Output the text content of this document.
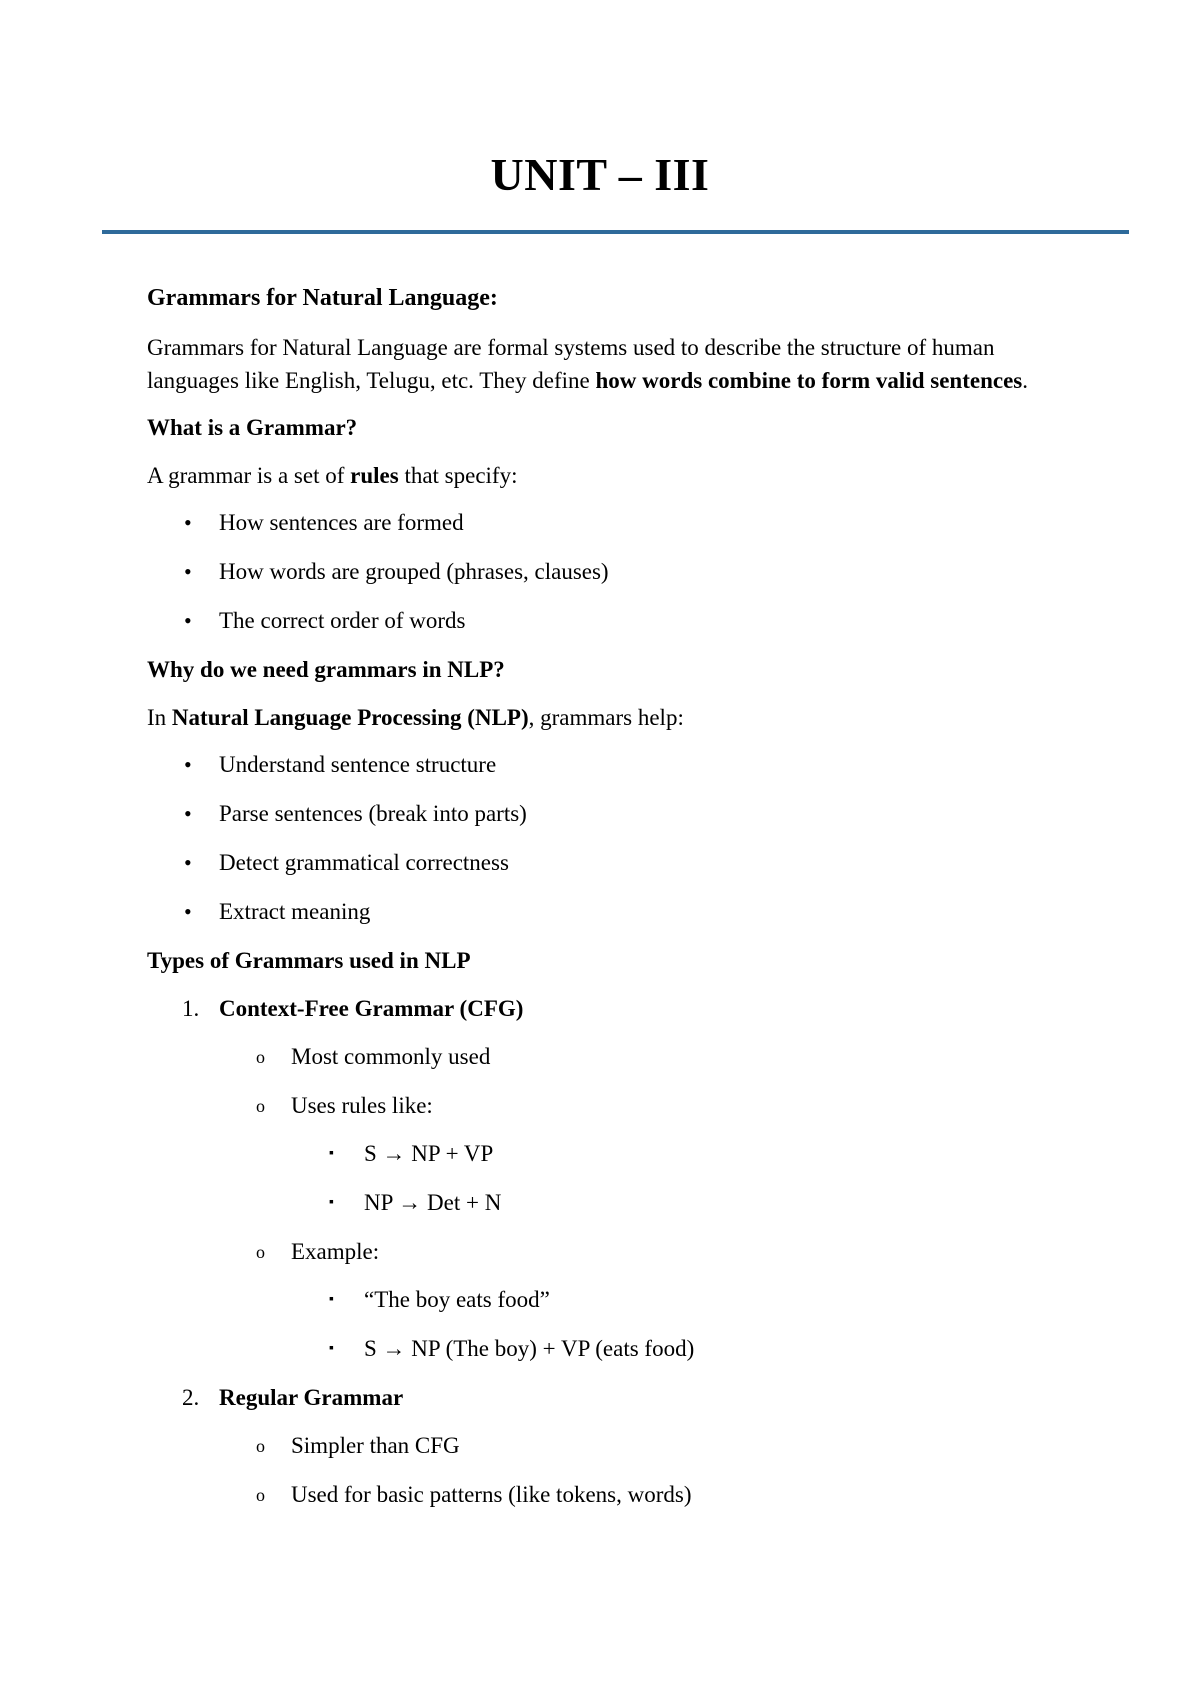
UNIT – III

Grammars for Natural Language:

Grammars for Natural Language are formal systems used to describe the structure of human languages like English, Telugu, etc. They define how words combine to form valid sentences.

What is a Grammar?

A grammar is a set of rules that specify:

• How sentences are formed
• How words are grouped (phrases, clauses)
• The correct order of words

Why do we need grammars in NLP?

In Natural Language Processing (NLP), grammars help:

• Understand sentence structure
• Parse sentences (break into parts)
• Detect grammatical correctness
• Extract meaning

Types of Grammars used in NLP

1. Context-Free Grammar (CFG)
o Most commonly used
o Uses rules like:
▪ S → NP + VP
▪ NP → Det + N
o Example:
▪ “The boy eats food”
▪ S → NP (The boy) + VP (eats food)
2. Regular Grammar
o Simpler than CFG
o Used for basic patterns (like tokens, words)
